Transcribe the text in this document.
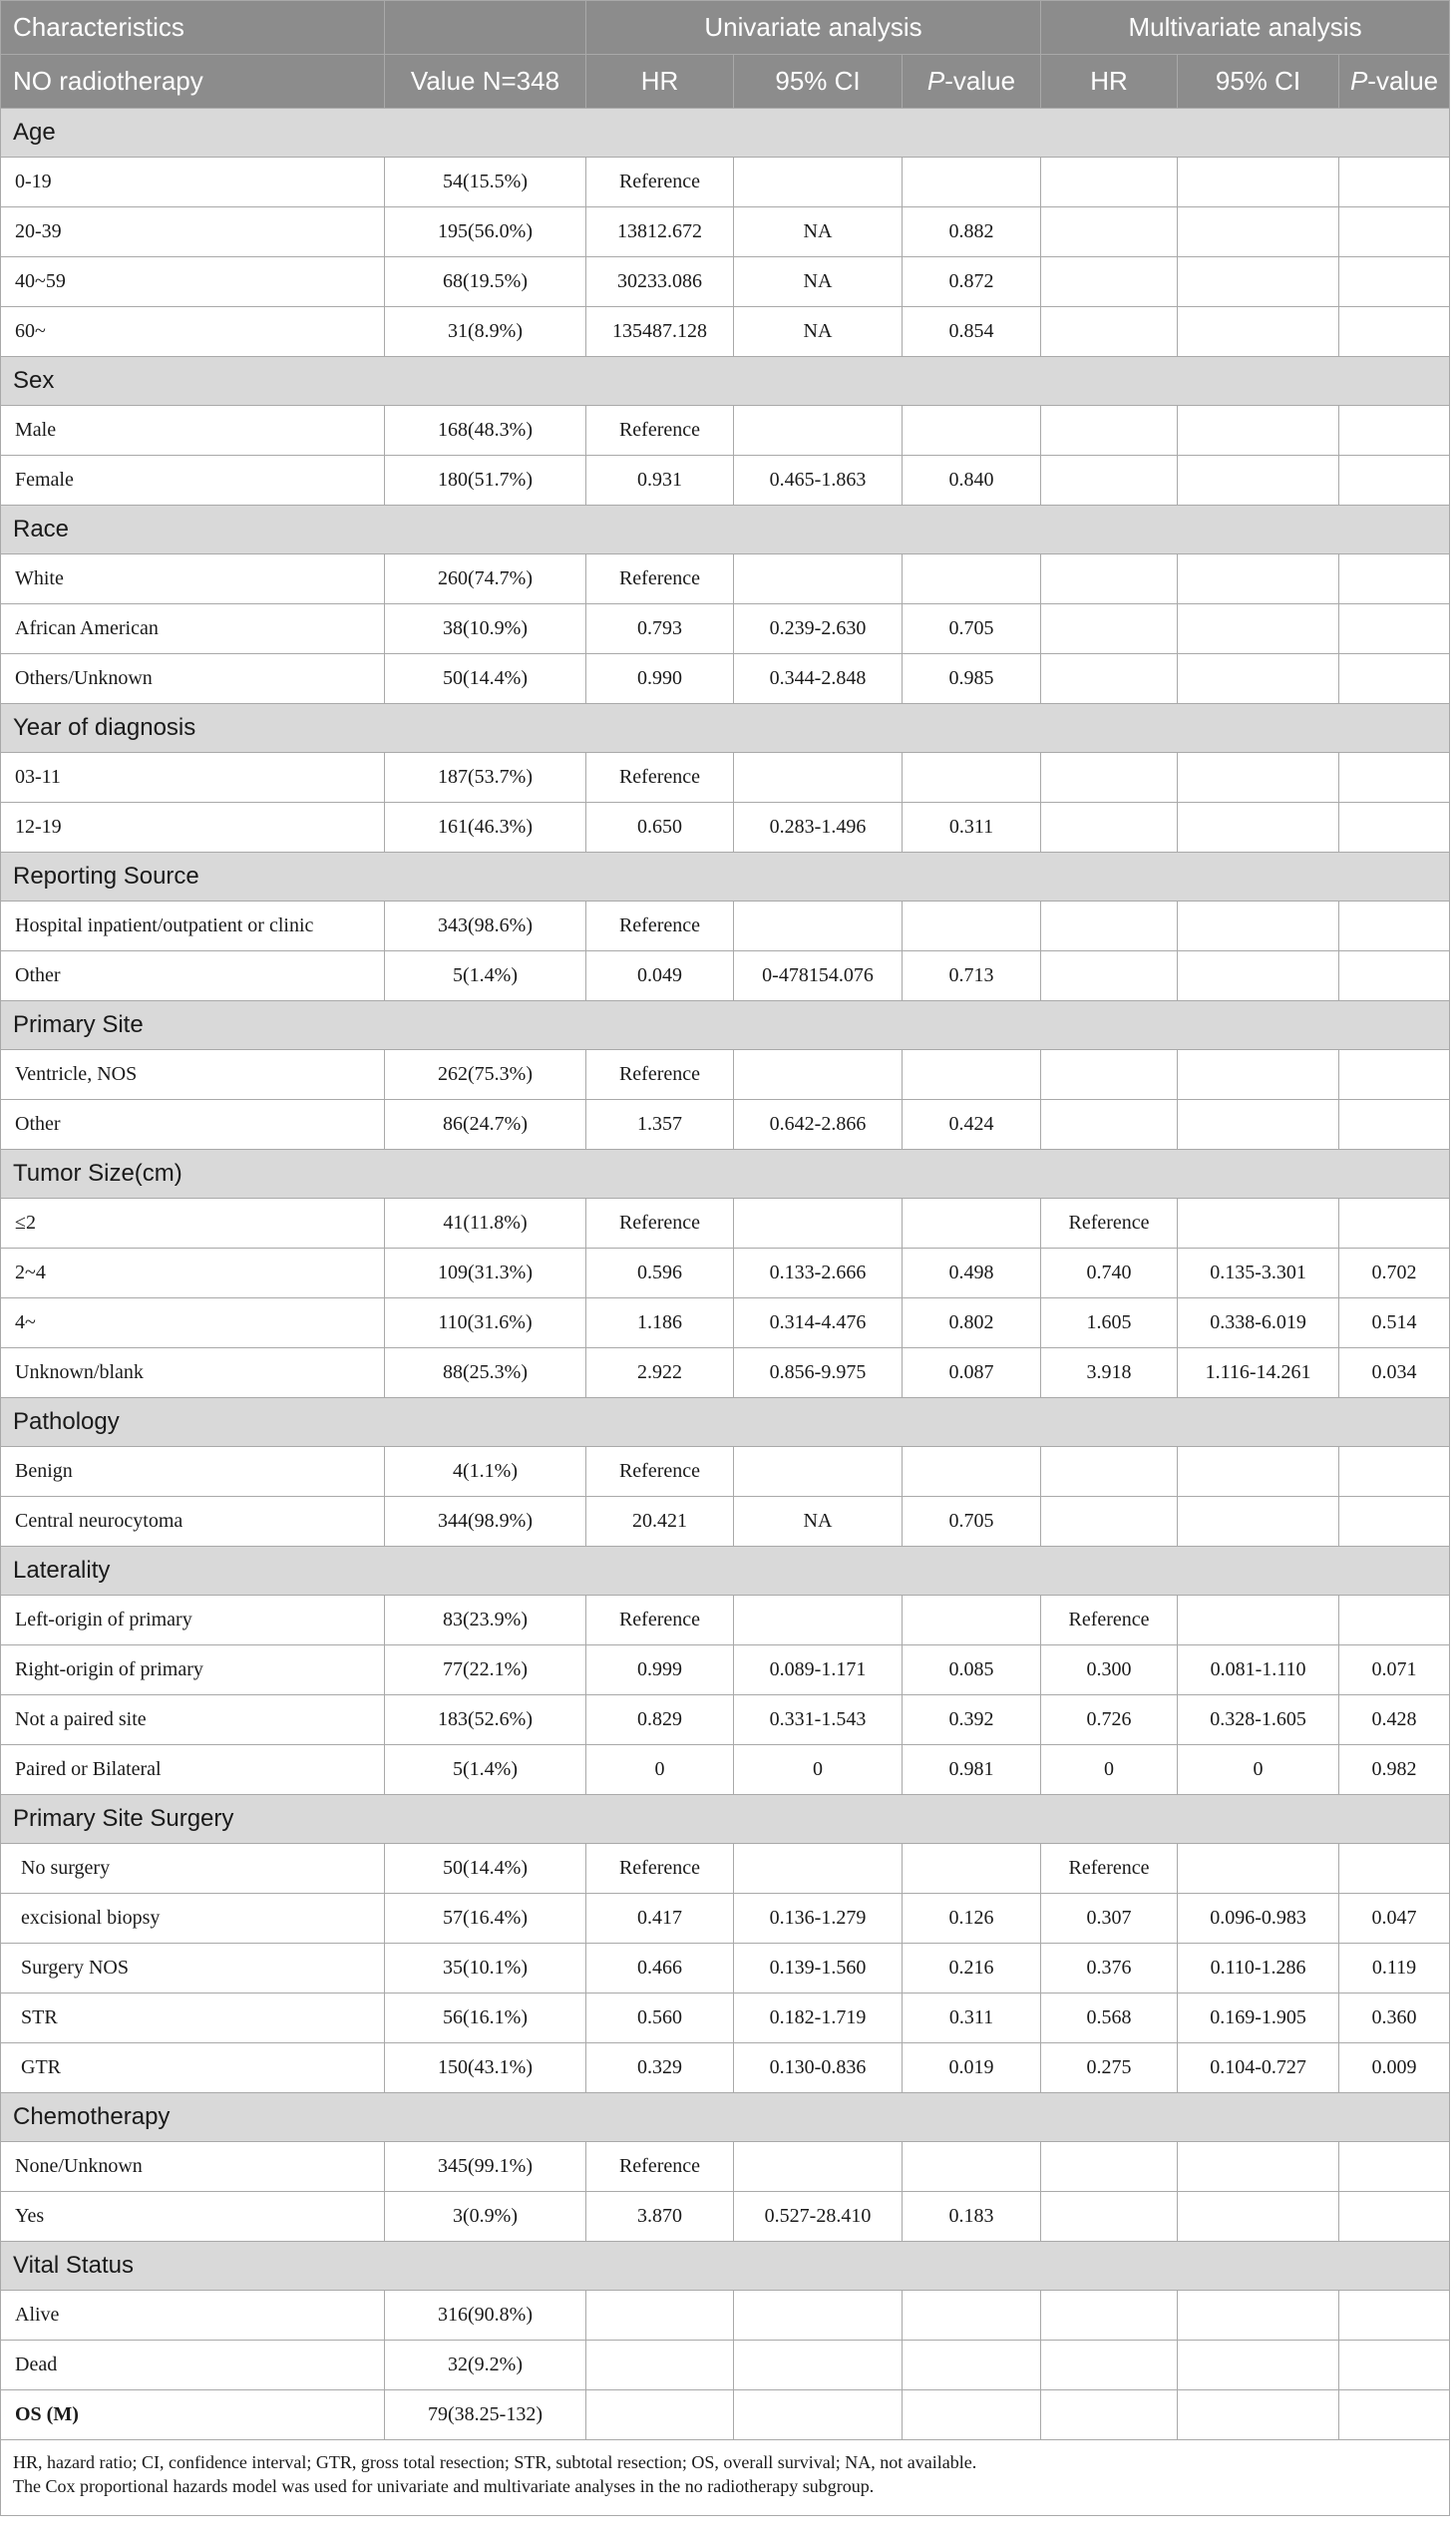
Characteristics		Univariate analysis			Multivariate analysis		
NO radiotherapy	Value N=348	HR	95% CI	P-value	HR	95% CI	P-value
Age							
0-19	54(15.5%)	Reference					
20-39	195(56.0%)	13812.672	NA	0.882			
40~59	68(19.5%)	30233.086	NA	0.872			
60~	31(8.9%)	135487.128	NA	0.854			
Sex							
Male	168(48.3%)	Reference					
Female	180(51.7%)	0.931	0.465-1.863	0.840			
Race							
White	260(74.7%)	Reference					
African American	38(10.9%)	0.793	0.239-2.630	0.705			
Others/Unknown	50(14.4%)	0.990	0.344-2.848	0.985			
Year of diagnosis							
03-11	187(53.7%)	Reference					
12-19	161(46.3%)	0.650	0.283-1.496	0.311			
Reporting Source							
Hospital inpatient/outpatient or clinic	343(98.6%)	Reference					
Other	5(1.4%)	0.049	0-478154.076	0.713			
Primary Site							
Ventricle, NOS	262(75.3%)	Reference					
Other	86(24.7%)	1.357	0.642-2.866	0.424			
Tumor Size(cm)							
≤2	41(11.8%)	Reference			Reference		
2~4	109(31.3%)	0.596	0.133-2.666	0.498	0.740	0.135-3.301	0.702
4~	110(31.6%)	1.186	0.314-4.476	0.802	1.605	0.338-6.019	0.514
Unknown/blank	88(25.3%)	2.922	0.856-9.975	0.087	3.918	1.116-14.261	0.034
Pathology							
Benign	4(1.1%)	Reference					
Central neurocytoma	344(98.9%)	20.421	NA	0.705			
Laterality							
Left-origin of primary	83(23.9%)	Reference			Reference		
Right-origin of primary	77(22.1%)	0.999	0.089-1.171	0.085	0.300	0.081-1.110	0.071
Not a paired site	183(52.6%)	0.829	0.331-1.543	0.392	0.726	0.328-1.605	0.428
Paired or Bilateral	5(1.4%)	0	0	0.981	0	0	0.982
Primary Site Surgery							
No surgery	50(14.4%)	Reference			Reference		
excisional biopsy	57(16.4%)	0.417	0.136-1.279	0.126	0.307	0.096-0.983	0.047
Surgery NOS	35(10.1%)	0.466	0.139-1.560	0.216	0.376	0.110-1.286	0.119
STR	56(16.1%)	0.560	0.182-1.719	0.311	0.568	0.169-1.905	0.360
GTR	150(43.1%)	0.329	0.130-0.836	0.019	0.275	0.104-0.727	0.009
Chemotherapy							
None/Unknown	345(99.1%)	Reference					
Yes	3(0.9%)	3.870	0.527-28.410	0.183			
Vital Status							
Alive	316(90.8%)						
Dead	32(9.2%)						
OS (M)	79(38.25-132)						

HR, hazard ratio; CI, confidence interval; GTR, gross total resection; STR, subtotal resection; OS, overall survival; NA, not available.
The Cox proportional hazards model was used for univariate and multivariate analyses in the no radiotherapy subgroup.							
